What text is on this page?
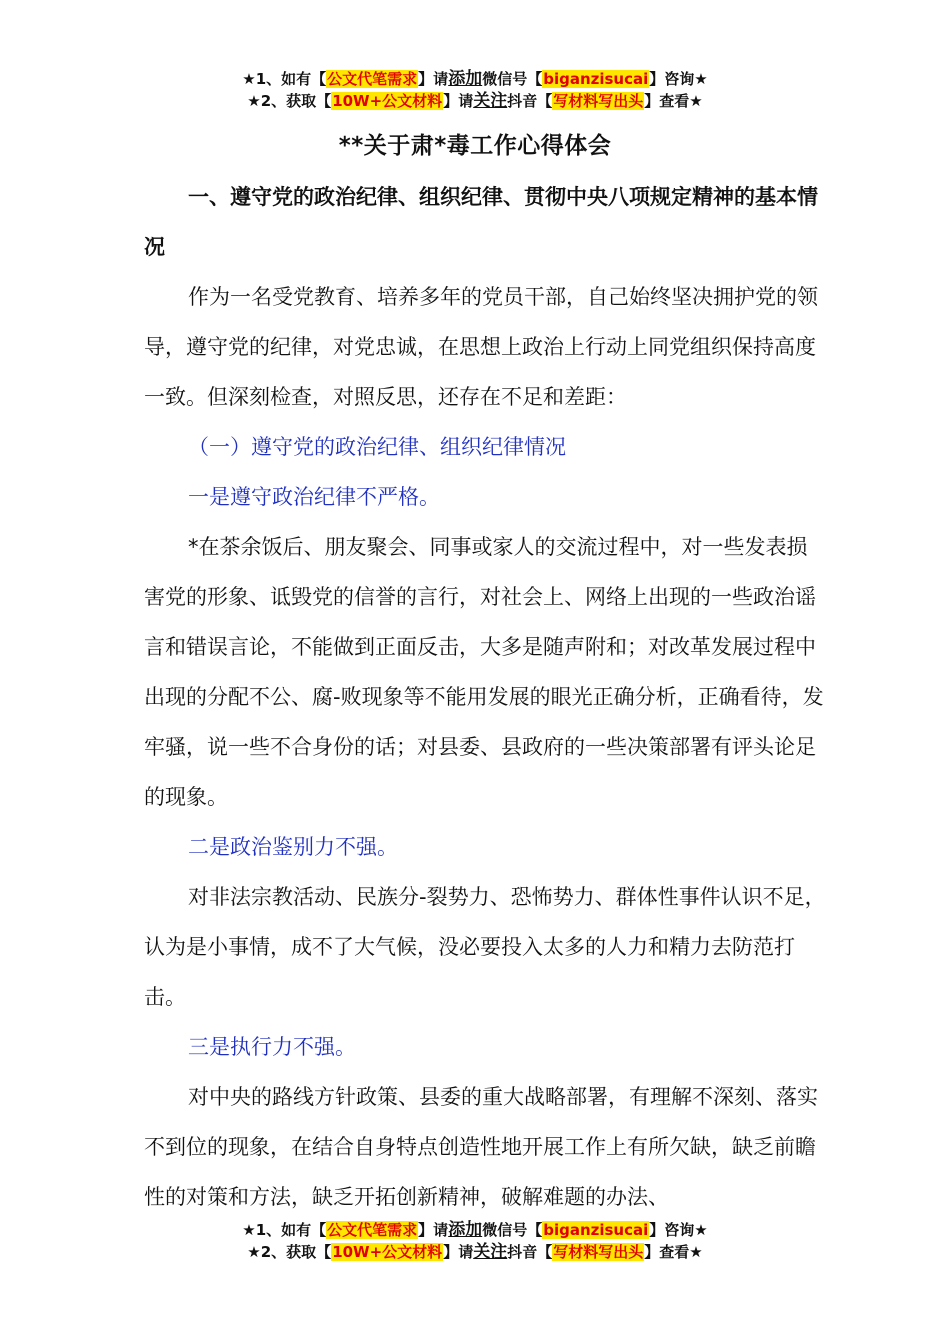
★1、如有【公文代笔需求】请添加微信号【biganzisucai】咨询★
★2、获取【10W+公文材料】请关注抖音【写材料写出头】查看★
**关于肃*毒工作心得体会

一、遵守党的政治纪律、组织纪律、贯彻中央八项规定精神的基本情况

作为一名受党教育、培养多年的党员干部，自己始终坚决拥护党的领导，遵守党的纪律，对党忠诚，在思想上政治上行动上同党组织保持高度一致。但深刻检查，对照反思，还存在不足和差距：

（一）遵守党的政治纪律、组织纪律情况

一是遵守政治纪律不严格。

*在茶余饭后、朋友聚会、同事或家人的交流过程中，对一些发表损害党的形象、诋毁党的信誉的言行，对社会上、网络上出现的一些政治谣言和错误言论，不能做到正面反击，大多是随声附和；对改革发展过程中出现的分配不公、腐-败现象等不能用发展的眼光正确分析，正确看待，发牢骚，说一些不合身份的话；对县委、县政府的一些决策部署有评头论足的现象。

二是政治鉴别力不强。

对非法宗教活动、民族分-裂势力、恐怖势力、群体性事件认识不足，认为是小事情，成不了大气候，没必要投入太多的人力和精力去防范打击。

三是执行力不强。

对中央的路线方针政策、县委的重大战略部署，有理解不深刻、落实不到位的现象，在结合自身特点创造性地开展工作上有所欠缺，缺乏前瞻性的对策和方法，缺乏开拓创新精神，破解难题的办法、

★1、如有【公文代笔需求】请添加微信号【biganzisucai】咨询★
★2、获取【10W+公文材料】请关注抖音【写材料写出头】查看★
